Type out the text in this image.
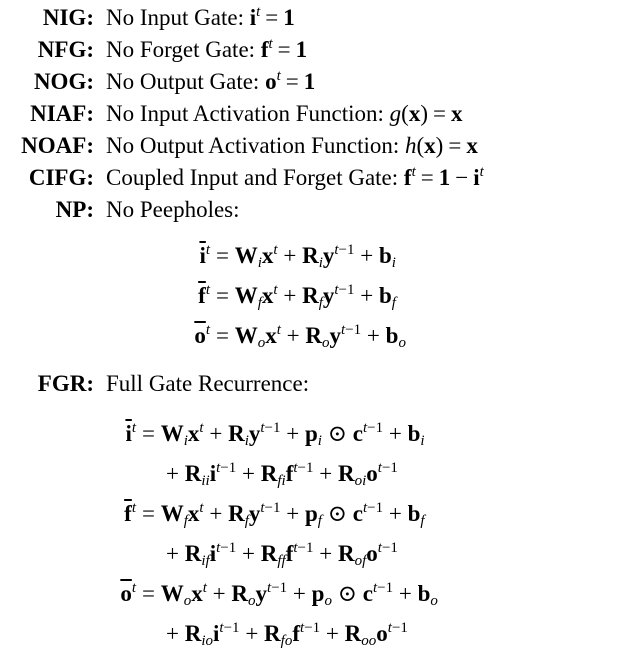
NIG: No Input Gate: $i^t = 1$
NFG: No Forget Gate: $f^t = 1$
NOG: No Output Gate: $o^t = 1$
NIAF: No Input Activation Function: g(x) = x
NOAF: No Output Activation Function: h(x) = x
CIFG: Coupled Input and Forget Gate: $f^t = 1 - i^t$
NP: No Peepholes:
$\overline{i}^t = W_ix^t + R_iy^{t-1} + b_i$
$\overline{f}^t = W_fx^t + R_fy^{t-1} + b_f$
$\overline{o}^t = W_ox^t + R_oy^{t-1} + b_o$
FGR: Full Gate Recurrence:
$\overline{i}^t = W_ix^t + R_iy^{t-1} + p_i$ ⊙ $c^{t-1} + b_i$
+ $R_{ii}i^{t-1} + R_{fi}f^{t-1} + R_{oi}o^{t-1}$
$\overline{f}^t = W_fx^t + R_fy^{t-1} + p_f$ ⊙ $c^{t-1} + b_f$
+ $R_{if}i^{t-1} + R_{ff}f^{t-1} + R_{of}o^{t-1}$
$\overline{o}^t = W_ox^t + R_oy^{t-1} + p_o$ ⊙ $c^{t-1} + b_o$
+ $R_{io}i^{t-1} + R_{fo}f^{t-1} + R_{oo}o^{t-1}$
